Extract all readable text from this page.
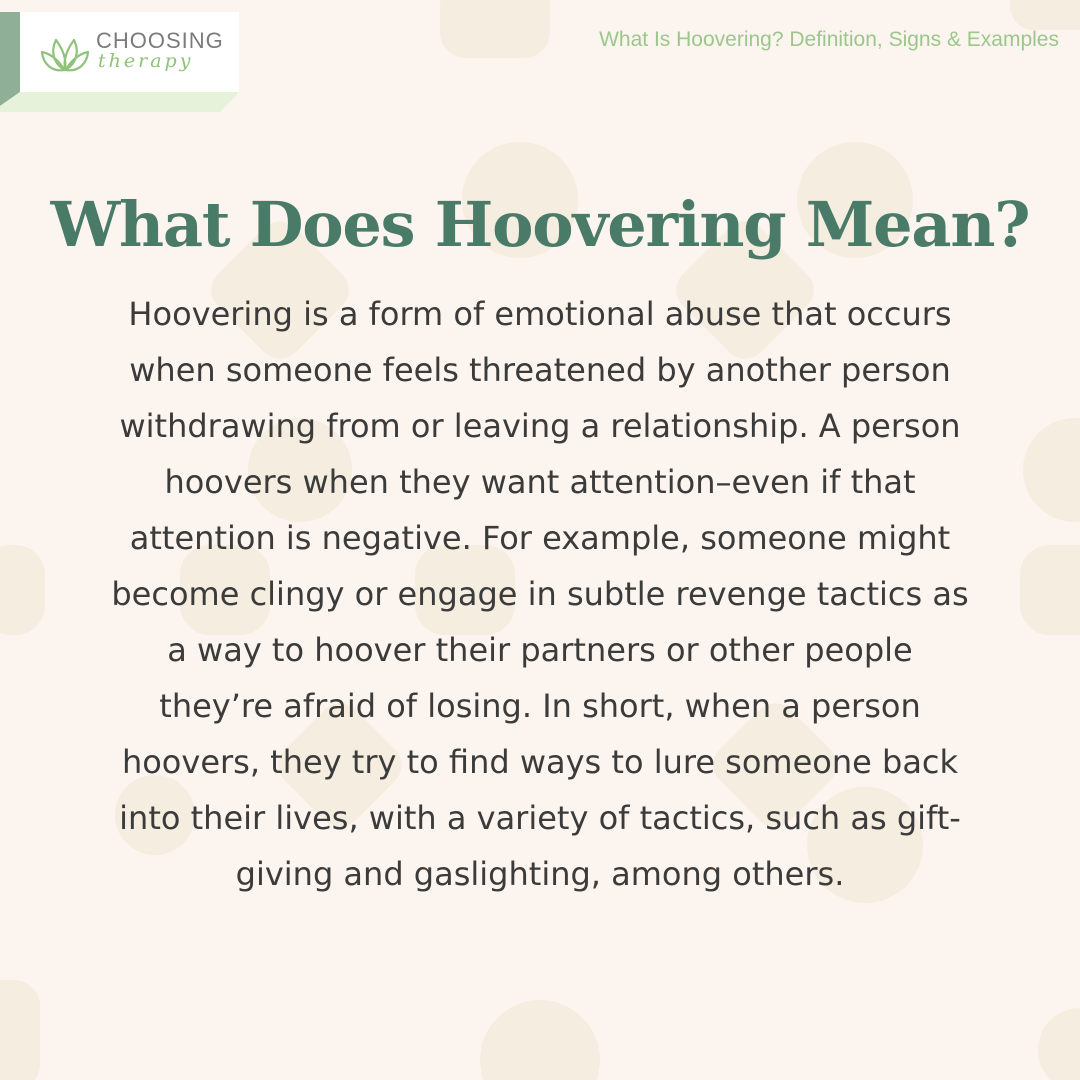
CHOOSING
therapy
What Is Hoovering? Definition, Signs & Examples
What Does Hoovering Mean?

Hoovering is a form of emotional abuse that occurs when someone feels threatened by another person withdrawing from or leaving a relationship. A person hoovers when they want attention–even if that attention is negative. For example, someone might become clingy or engage in subtle revenge tactics as a way to hoover their partners or other people they’re afraid of losing. In short, when a person hoovers, they try to find ways to lure someone back into their lives, with a variety of tactics, such as gift-giving and gaslighting, among others.
